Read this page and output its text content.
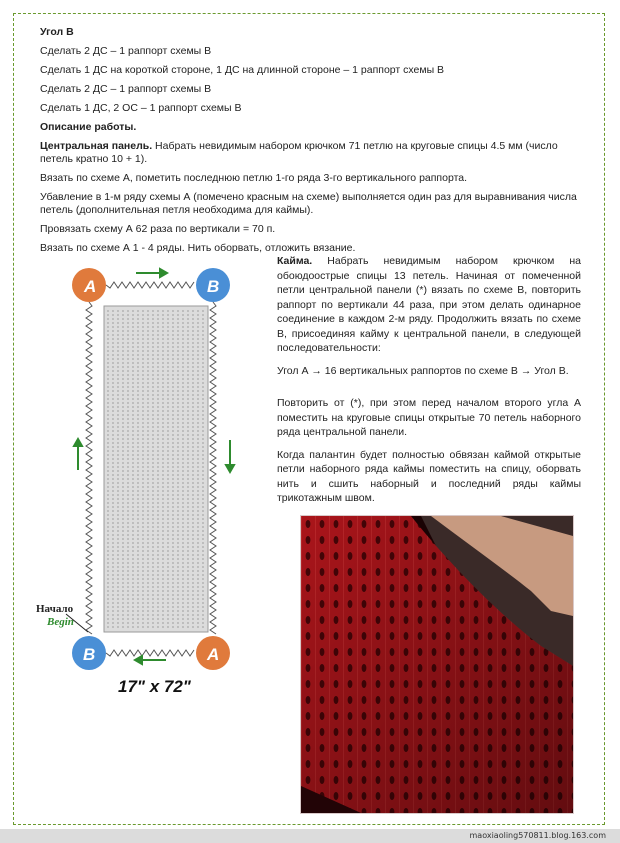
Угол В
Сделать 2 ДС – 1 раппорт схемы В
Сделать 1 ДС на короткой стороне, 1 ДС на длинной стороне – 1 раппорт схемы В
Сделать 2 ДС – 1 раппорт схемы В
Сделать 1 ДС, 2 ОС – 1 раппорт схемы В
Описание работы.
Центральная панель. Набрать невидимым набором крючком 71 петлю на круговые спицы 4.5 мм (число петель кратно 10 + 1).
Вязать по схеме А, пометить последнюю петлю 1-го ряда 3-го вертикального раппорта.
Убавление в 1-м ряду схемы А (помечено красным на схеме) выполняется один раз для выравнивания числа петель (дополнительная петля необходима для каймы).
Провязать схему А 62 раза по вертикали = 70 п.
Вязать по схеме А 1 - 4 ряды. Нить оборвать, отложить вязание.
A	B
B	A
Начало
Begin
17" x 72"

Кайма. Набрать невидимым набором крючком на обоюдоострые спицы 13 петель. Начиная от помеченной петли центральной панели (*) вязать по схеме В, повторить раппорт по вертикали 44 раза, при этом делать одинарное соединение в каждом 2-м ряду. Продолжить вязать по схеме В, присоединяя кайму к центральной панели, в следующей последовательности:

Угол А → 16 вертикальных раппортов по схеме В → Угол В.

Повторить от (*), при этом перед началом второго угла А поместить на круговые спицы открытые 70 петель наборного ряда центральной панели.

Когда палантин будет полностью обвязан каймой открытые петли наборного ряда каймы поместить на спицу, оборвать нить и сшить наборный и последний ряды каймы трикотажным швом.

maoxiaoling570811.blog.163.com
